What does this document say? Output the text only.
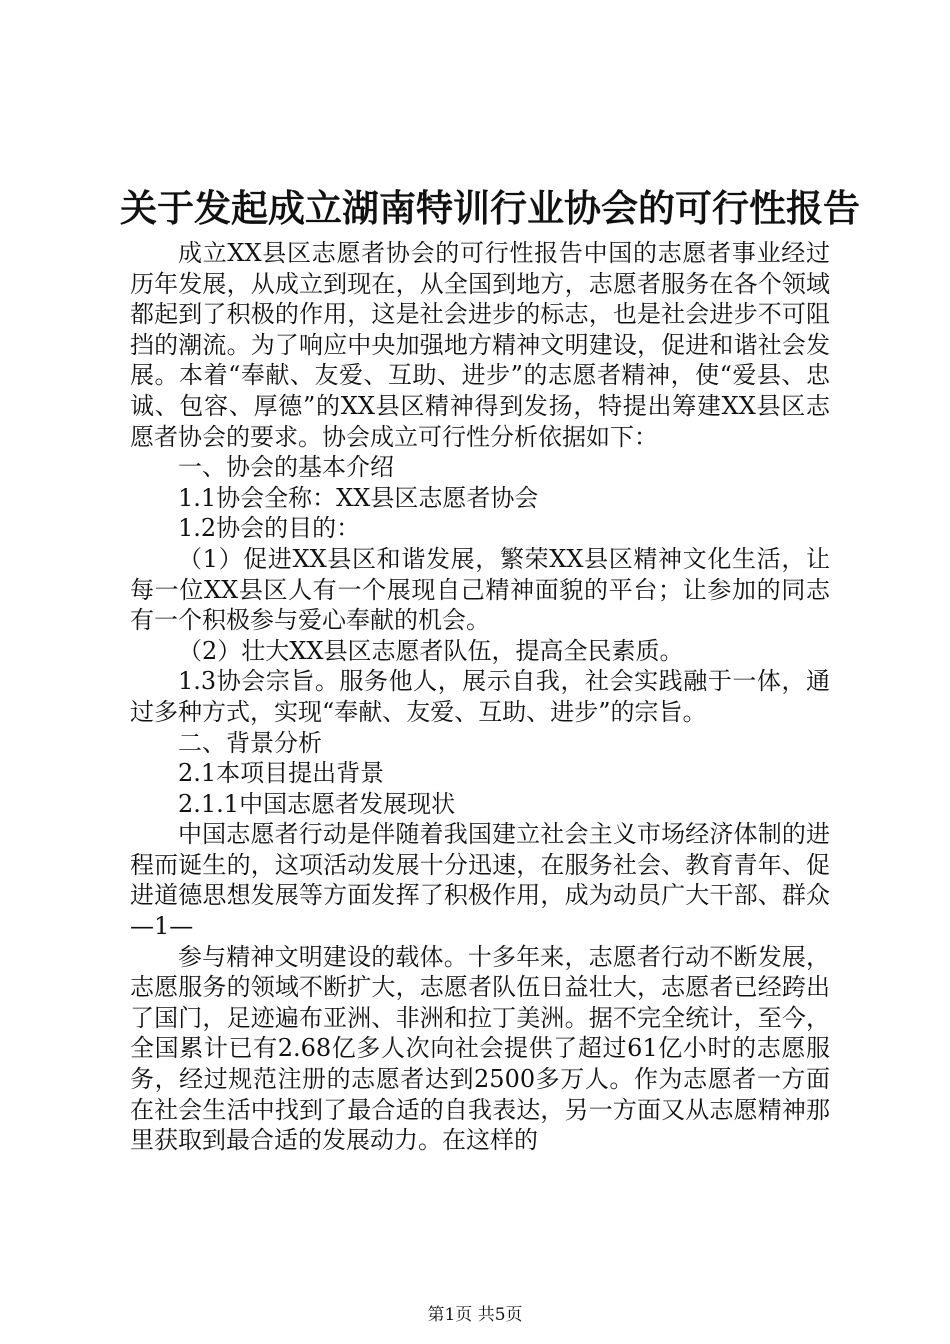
关于发起成立湖南特训行业协会的可行性报告

成立XX县区志愿者协会的可行性报告中国的志愿者事业经过历年发展，从成立到现在，从全国到地方，志愿者服务在各个领域都起到了积极的作用，这是社会进步的标志，也是社会进步不可阻挡的潮流。为了响应中央加强地方精神文明建设，促进和谐社会发展。本着“奉献、友爱、互助、进步”的志愿者精神，使“爱县、忠诚、包容、厚德”的XX县区精神得到发扬，特提出筹建XX县区志愿者协会的要求。协会成立可行性分析依据如下：

一、协会的基本介绍

1.1协会全称：XX县区志愿者协会

1.2协会的目的：

（1）促进XX县区和谐发展，繁荣XX县区精神文化生活，让每一位XX县区人有一个展现自己精神面貌的平台；让参加的同志有一个积极参与爱心奉献的机会。

（2）壮大XX县区志愿者队伍，提高全民素质。

1.3协会宗旨。服务他人，展示自我，社会实践融于一体，通过多种方式，实现“奉献、友爱、互助、进步”的宗旨。

二、背景分析

2.1本项目提出背景

2.1.1中国志愿者发展现状

中国志愿者行动是伴随着我国建立社会主义市场经济体制的进程而诞生的，这项活动发展十分迅速，在服务社会、教育青年、促进道德思想发展等方面发挥了积极作用，成为动员广大干部、群众—1—

参与精神文明建设的载体。十多年来，志愿者行动不断发展，志愿服务的领域不断扩大，志愿者队伍日益壮大，志愿者已经跨出了国门，足迹遍布亚洲、非洲和拉丁美洲。据不完全统计，至今，全国累计已有2.68亿多人次向社会提供了超过61亿小时的志愿服务，经过规范注册的志愿者达到2500多万人。作为志愿者一方面在社会生活中找到了最合适的自我表达，另一方面又从志愿精神那里获取到最合适的发展动力。在这样的

第1页 共5页
